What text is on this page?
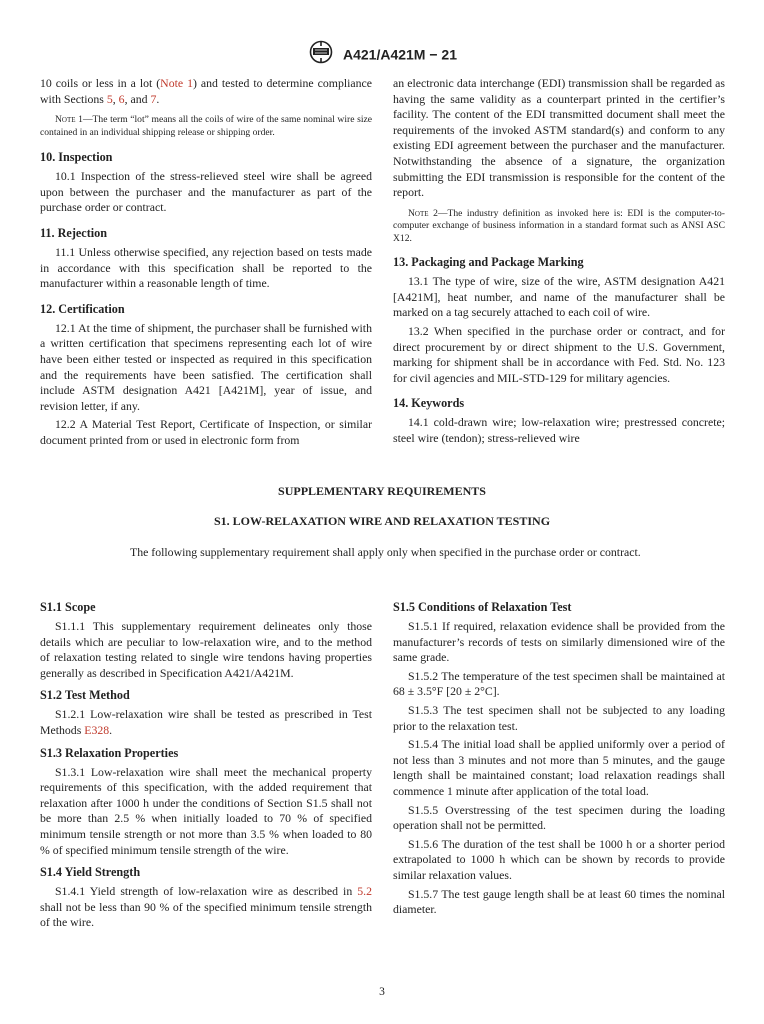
A421/A421M − 21

10 coils or less in a lot (Note 1) and tested to determine compliance with Sections 5, 6, and 7.

Note 1—The term “lot” means all the coils of wire of the same nominal wire size contained in an individual shipping release or shipping order.

10. Inspection

10.1 Inspection of the stress-relieved steel wire shall be agreed upon between the purchaser and the manufacturer as part of the purchase order or contract.

11. Rejection

11.1 Unless otherwise specified, any rejection based on tests made in accordance with this specification shall be reported to the manufacturer within a reasonable length of time.

12. Certification

12.1 At the time of shipment, the purchaser shall be furnished with a written certification that specimens representing each lot of wire have been either tested or inspected as required in this specification and the requirements have been satisfied. The certification shall include ASTM designation A421 [A421M], year of issue, and revision letter, if any.

12.2 A Material Test Report, Certificate of Inspection, or similar document printed from or used in electronic form from

an electronic data interchange (EDI) transmission shall be regarded as having the same validity as a counterpart printed in the certifier’s facility. The content of the EDI transmitted document shall meet the requirements of the invoked ASTM standard(s) and conform to any existing EDI agreement between the purchaser and the manufacturer. Notwithstanding the absence of a signature, the organization submitting the EDI transmission is responsible for the content of the report.

Note 2—The industry definition as invoked here is: EDI is the computer-to-computer exchange of business information in a standard format such as ANSI ASC X12.

13. Packaging and Package Marking

13.1 The type of wire, size of the wire, ASTM designation A421 [A421M], heat number, and name of the manufacturer shall be marked on a tag securely attached to each coil of wire.

13.2 When specified in the purchase order or contract, and for direct procurement by or direct shipment to the U.S. Government, marking for shipment shall be in accordance with Fed. Std. No. 123 for civil agencies and MIL-STD-129 for military agencies.

14. Keywords

14.1 cold-drawn wire; low-relaxation wire; prestressed concrete; steel wire (tendon); stress-relieved wire

SUPPLEMENTARY REQUIREMENTS
S1. LOW-RELAXATION WIRE AND RELAXATION TESTING

The following supplementary requirement shall apply only when specified in the purchase order or contract.

S1.1 Scope

S1.1.1 This supplementary requirement delineates only those details which are peculiar to low-relaxation wire, and to the method of relaxation testing related to single wire tendons having properties generally as described in Specification A421/A421M.

S1.2 Test Method

S1.2.1 Low-relaxation wire shall be tested as prescribed in Test Methods E328.

S1.3 Relaxation Properties

S1.3.1 Low-relaxation wire shall meet the mechanical property requirements of this specification, with the added requirement that relaxation after 1000 h under the conditions of Section S1.5 shall not be more than 2.5 % when initially loaded to 70 % of specified minimum tensile strength or not more than 3.5 % when loaded to 80 % of specified minimum tensile strength of the wire.

S1.4 Yield Strength

S1.4.1 Yield strength of low-relaxation wire as described in 5.2 shall not be less than 90 % of the specified minimum tensile strength of the wire.

S1.5 Conditions of Relaxation Test

S1.5.1 If required, relaxation evidence shall be provided from the manufacturer’s records of tests on similarly dimensioned wire of the same grade.

S1.5.2 The temperature of the test specimen shall be maintained at 68 ± 3.5°F [20 ± 2°C].

S1.5.3 The test specimen shall not be subjected to any loading prior to the relaxation test.

S1.5.4 The initial load shall be applied uniformly over a period of not less than 3 minutes and not more than 5 minutes, and the gauge length shall be maintained constant; load relaxation readings shall commence 1 minute after application of the total load.

S1.5.5 Overstressing of the test specimen during the loading operation shall not be permitted.

S1.5.6 The duration of the test shall be 1000 h or a shorter period extrapolated to 1000 h which can be shown by records to provide similar relaxation values.

S1.5.7 The test gauge length shall be at least 60 times the nominal diameter.

3
